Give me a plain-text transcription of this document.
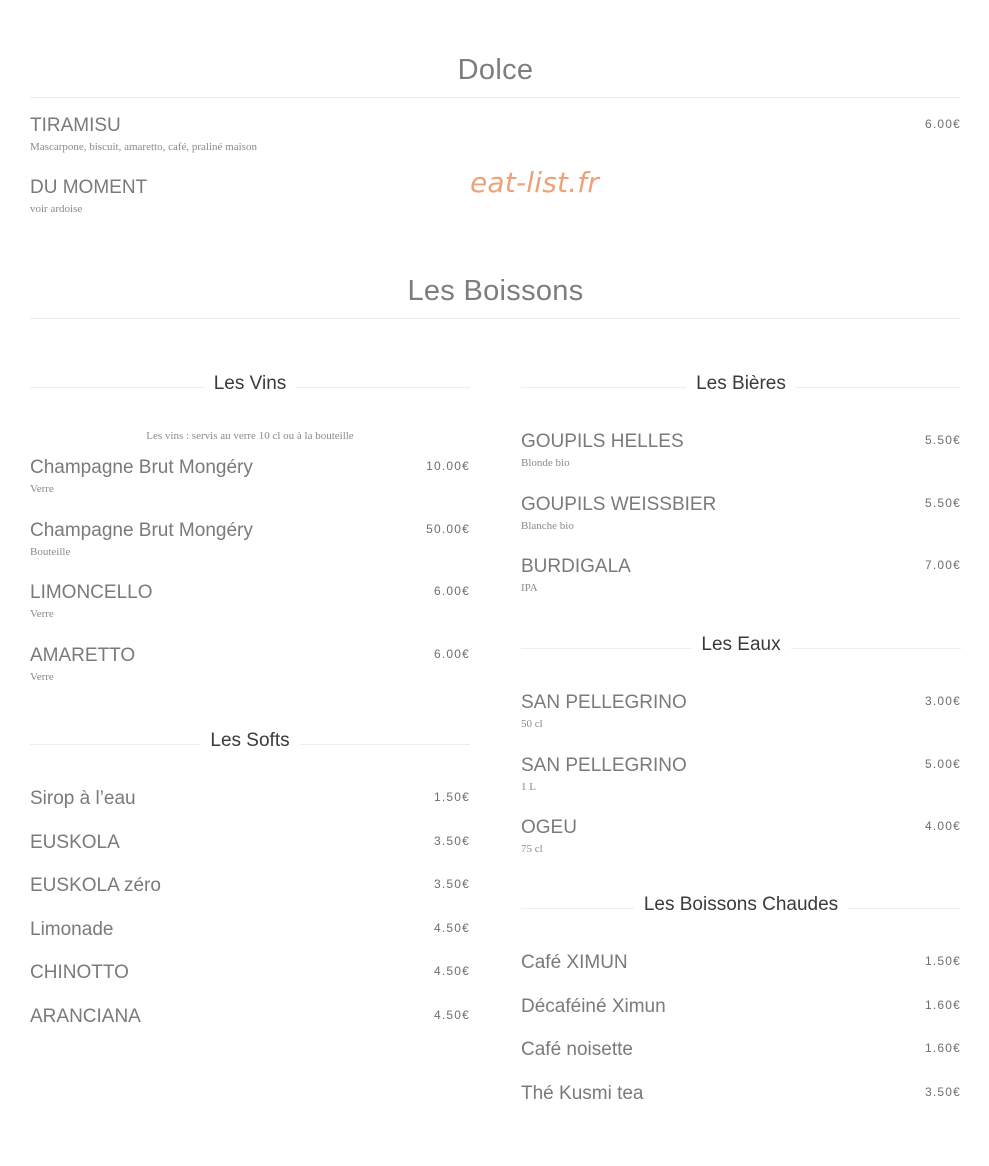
Dolce
TIRAMISU
Mascarpone, biscuit, amaretto, café, praliné maison
6.00€
DU MOMENT
voir ardoise
eat-list.fr
Les Boissons
Les Vins
Les vins : servis au verre 10 cl ou à la bouteille
Champagne Brut Mongéry
Verre
10.00€
Champagne Brut Mongéry
Bouteille
50.00€
LIMONCELLO
Verre
6.00€
AMARETTO
Verre
6.00€
Les Softs
Sirop à l’eau	1.50€
EUSKOLA	3.50€
EUSKOLA zéro	3.50€
Limonade	4.50€
CHINOTTO	4.50€
ARANCIANA	4.50€
Les Bières
GOUPILS HELLES
Blonde bio
5.50€
GOUPILS WEISSBIER
Blanche bio
5.50€
BURDIGALA
IPA
7.00€
Les Eaux
SAN PELLEGRINO
50 cl
3.00€
SAN PELLEGRINO
1 L
5.00€
OGEU
75 cl
4.00€
Les Boissons Chaudes
Café XIMUN	1.50€
Décaféiné Ximun	1.60€
Café noisette	1.60€
Thé Kusmi tea	3.50€
